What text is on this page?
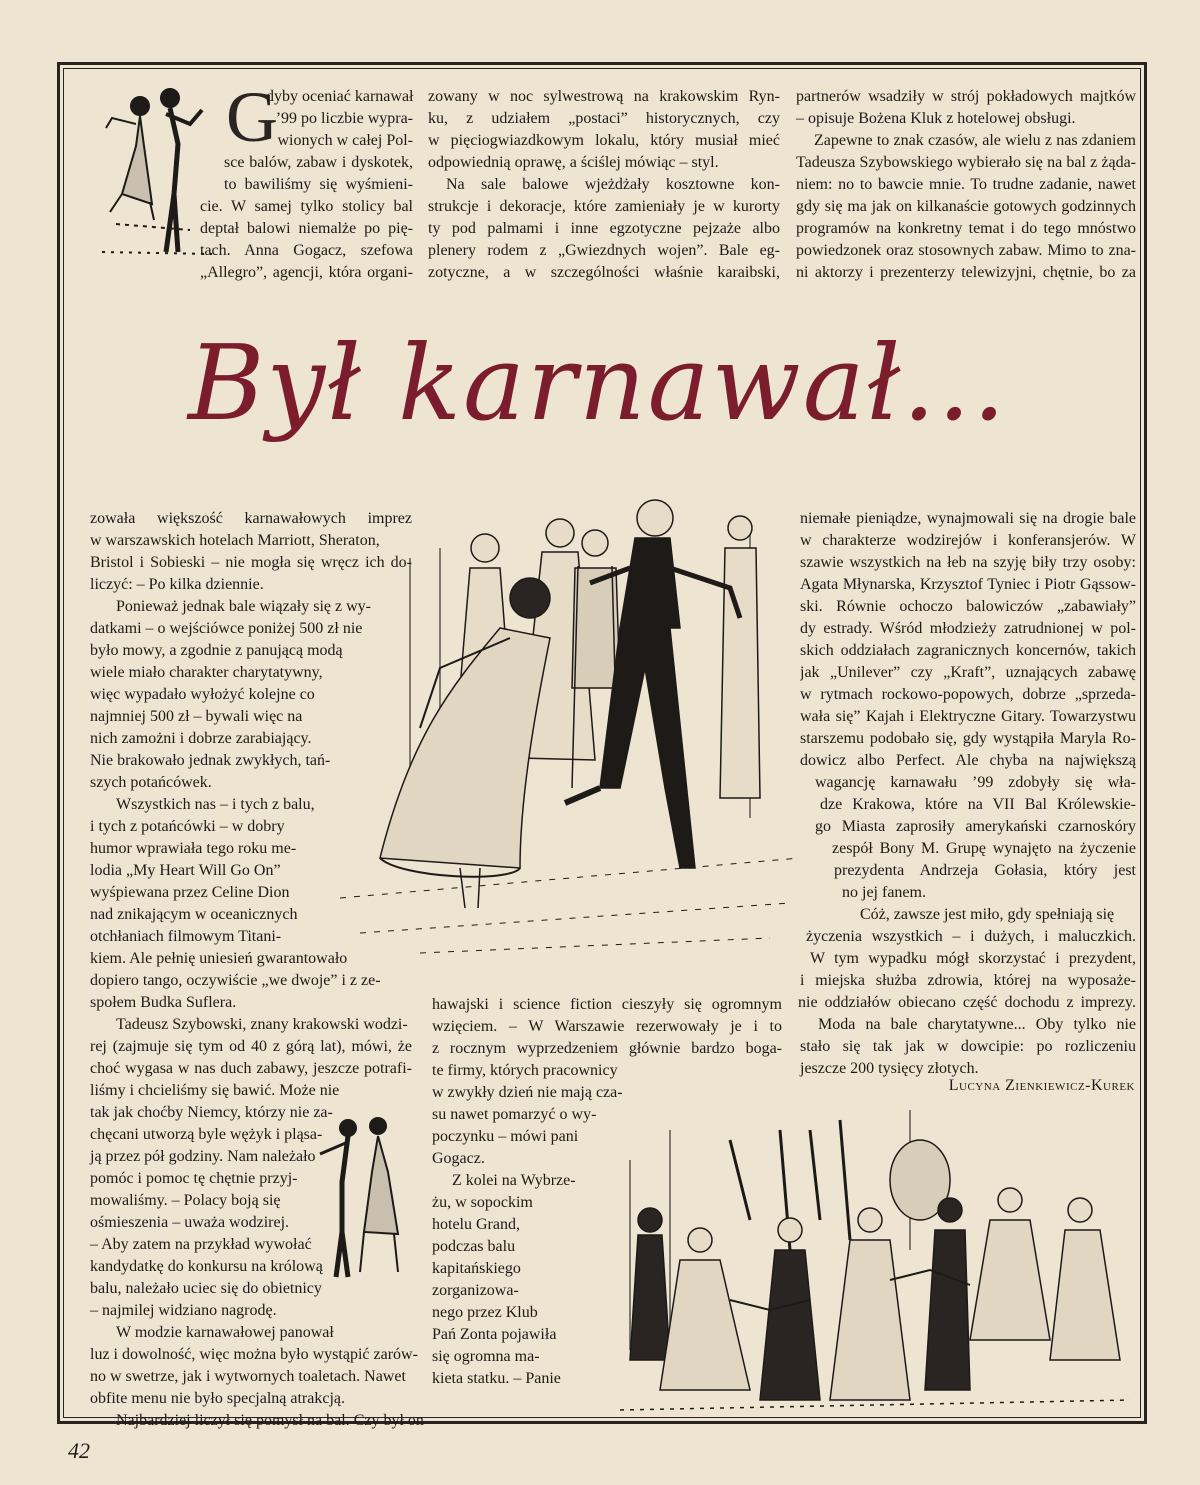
G
dyby oceniać karnawał
’99 po liczbie wypra-
wionych w całej Pol-
sce balów, zabaw i dyskotek,
to bawiliśmy się wyśmieni-
cie. W samej tylko stolicy bal
deptał balowi niemalże po pię-
tach. Anna Gogacz, szefowa
„Allegro”, agencji, która organi-
zowany w noc sylwestrową na krakowskim Ryn-
ku, z udziałem „postaci” historycznych, czy
w pięciogwiazdkowym lokalu, który musiał mieć
odpowiednią oprawę, a ściślej mówiąc – styl.
Na sale balowe wjeżdżały kosztowne kon-
strukcje i dekoracje, które zamieniały je w kurorty
ty pod palmami i inne egzotyczne pejzaże albo
plenery rodem z „Gwiezdnych wojen”. Bale eg-
zotyczne, a w szczególności właśnie karaibski,
partnerów wsadziły w strój pokładowych majtków
– opisuje Bożena Kluk z hotelowej obsługi.
Zapewne to znak czasów, ale wielu z nas zdaniem
Tadeusza Szybowskiego wybierało się na bal z żąda-
niem: no to bawcie mnie. To trudne zadanie, nawet
gdy się ma jak on kilkanaście gotowych godzinnych
programów na konkretny temat i do tego mnóstwo
powiedzonek oraz stosownych zabaw. Mimo to zna-
ni aktorzy i prezenterzy telewizyjni, chętnie, bo za
Był karnawał...
zowała większość karnawałowych imprez
w warszawskich hotelach Marriott, Sheraton,
Bristol i Sobieski – nie mogła się wręcz ich do-
liczyć: – Po kilka dziennie.
Ponieważ jednak bale wiązały się z wy-
datkami – o wejściówce poniżej 500 zł nie
było mowy, a zgodnie z panującą modą
wiele miało charakter charytatywny,
więc wypadało wyłożyć kolejne co
najmniej 500 zł – bywali więc na
nich zamożni i dobrze zarabiający.
Nie brakowało jednak zwykłych, tań-
szych potańcówek.
Wszystkich nas – i tych z balu,
i tych z potańcówki – w dobry
humor wprawiała tego roku me-
lodia „My Heart Will Go On”
wyśpiewana przez Celine Dion
nad znikającym w oceanicznych
otchłaniach filmowym Titani-
kiem. Ale pełnię uniesień gwarantowało
dopiero tango, oczywiście „we dwoje” i z ze-
społem Budka Suflera.
Tadeusz Szybowski, znany krakowski wodzi-
rej (zajmuje się tym od 40 z górą lat), mówi, że
choć wygasa w nas duch zabawy, jeszcze potrafi-
liśmy i chcieliśmy się bawić. Może nie
tak jak choćby Niemcy, którzy nie za-
chęcani utworzą byle wężyk i pląsa-
ją przez pół godziny. Nam należało
pomóc i pomoc tę chętnie przyj-
mowaliśmy. – Polacy boją się
ośmieszenia – uważa wodzirej.
– Aby zatem na przykład wywołać
kandydatkę do konkursu na królową
balu, należało uciec się do obietnicy
– najmilej widziano nagrodę.
W modzie karnawałowej panował
luz i dowolność, więc można było wystąpić zarów-
no w swetrze, jak i wytwornych toaletach. Nawet
obfite menu nie było specjalną atrakcją.
Najbardziej liczył się pomysł na bal. Czy był on
hawajski i science fiction cieszyły się ogromnym
wzięciem. – W Warszawie rezerwowały je i to
z rocznym wyprzedzeniem głównie bardzo boga-
te firmy, których pracownicy
w zwykły dzień nie mają cza-
su nawet pomarzyć o wy-
poczynku – mówi pani
Gogacz.
Z kolei na Wybrze-
żu, w sopockim
hotelu Grand,
podczas balu
kapitańskiego
zorganizowa-
nego przez Klub
Pań Zonta pojawiła
się ogromna ma-
kieta statku. – Panie
niemałe pieniądze, wynajmowali się na drogie bale
w charakterze wodzirejów i konferansjerów. W
szawie wszystkich na łeb na szyję biły trzy osoby:
Agata Młynarska, Krzysztof Tyniec i Piotr Gąssow-
ski. Równie ochoczo balowiczów „zabawiały”
dy estrady. Wśród młodzieży zatrudnionej w pol-
skich oddziałach zagranicznych koncernów, takich
jak „Unilever” czy „Kraft”, uznających zabawę
w rytmach rockowo-popowych, dobrze „sprzeda-
wała się” Kajah i Elektryczne Gitary. Towarzystwu
starszemu podobało się, gdy wystąpiła Maryla Ro-
dowicz albo Perfect. Ale chyba na największą
wagancję karnawału ’99 zdobyły się wła-
dze Krakowa, które na VII Bal Królewskie-
go Miasta zaprosiły amerykański czarnoskóry
zespół Bony M. Grupę wynajęto na życzenie
prezydenta Andrzeja Gołasia, który jest
no jej fanem.
Cóż, zawsze jest miło, gdy spełniają się
życzenia wszystkich – i dużych, i maluczkich.
W tym wypadku mógł skorzystać i prezydent,
i miejska służba zdrowia, której na wyposaże-
nie oddziałów obiecano część dochodu z imprezy.
Moda na bale charytatywne... Oby tylko nie
stało się tak jak w dowcipie: po rozliczeniu
jeszcze 200 tysięcy złotych.
Lucyna Zienkiewicz-Kurek
42
